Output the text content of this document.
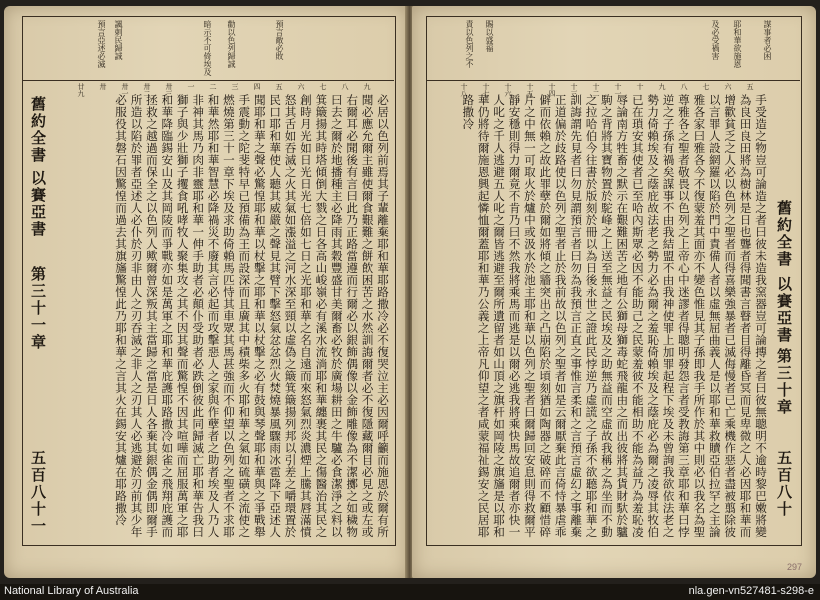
舊約全書
以賽亞書
第三十一章
五百八十一
諷刺民歸誠
預言亞述必滅	暗示不可倚埃及	勸以色列歸誠	預言敵必敗
廿九 卅 卅一 卅二 卅三 一 二 三 四 五 六 七 八 九
必居以色列前焉其子輩離棄耶和華耶路撒冷必不復哭泣主必因爾呼籲而施恩於爾有所聞必應允爾主雖使爾食艱難之餅飲困苦之水然訓誨爾者必不復隱藏爾目必見之或左或右爾耳必聞後有言曰此乃正路當遵而行爾必以銀飾偶像以金飾雕像為不潔擲之如穢物曰去之爾於地播種主必降雨其穀豐盛甘美爾畜必牧於廣場耕田之牛驢必食潔淨之料以箕簸揚其時塔傾倒大戮之日各高山峻嶺必有溪水流淌耶和華纏裹其民之傷醫治其民之創時月光如日光日光七倍如七日之光耶和華之名自遠而來怒氣烈炎濃煙上騰其唇滿憤怒其舌如吞滅之火其氣如漲溢之河水深至頸以虛偽之簸箕簸揚列邦以引差之嚼環置於民口耶和華使人聽其威嚴之聲見其臂下擊怒氣忿忿烈火焚燒暴風驟雨冰雹降下亞述人聞耶和華之聲必驚惶耶和華以杖擊之耶和華以杖擊之必有鼓與琴聲耶和華與之爭戰舉手震動之陀斐特早已預備為王而設深而且廣其中積柴多火耶和華之氣如硫磺之流使之燃燒第三十一章下埃及求助倚賴馬匹恃其車眾其馬甚強而不仰望以色列之聖者不求耶和華然耶和華智慧必降禍災不廢其言必起而攻擊惡人之家與作孽者之助者埃及人乃人非神其馬乃肉非靈耶和華一伸手助者必顛仆受助者必跌倒彼此同歸滅亡耶和華告我曰獅子與少壯獅子攫食吼哮牧人聚集攻之其不因其聲而驚惶不因其喧嘩而屈服萬軍之耶和華降臨錫安山及其岡陵而爭戰亦如是萬軍之耶和華庇護耶路撒冷如雀之飛翔庇護而拯救之越過而保全之以色列人歟爾曾深叛其主當歸之當是日人各棄其銀偶金偶即爾手所造以陷於罪者亞述人必仆於刃非由人之刃吞滅之非人之刃其人必逃避於刃前其少年必服役其磐石因驚惶而過去其旗旛驚惶此乃耶和華之言其火在錫安其爐在耶路撒冷	舊約全書
以賽亞書
第三十章
五百八十
謀事者必困
耶和華欲施恩
及必受禍害
賜以盛福
責以色列之不
十八 十七 十六 十五 十四 十三 十二 十一 十 九 八 七 六 五
手受造之物豈可論造之者曰彼未造我窯器豈可論摶之者曰彼無聰明不逾時黎巴嫩將變為良田良田將為樹林是日也聾者得聞書言瞽者目得離昏冥而見卑微之人必因耶和華而增歡貧乏之人必以色列之聖者而得喜樂強暴者已滅侮慢者已亡乘機作惡者盡被翦除彼以言罪人設網羅以陷於門中責備人者以虛無屈曲義人是以耶和華救贖亞伯拉罕之主論雅各家曰雅各今不復蒙羞其面亦不變色惟見其子孫即我手所作於其中則必以我名為聖尊雅各之聖者敬畏以色列之上帝心中迷謬者得聰明發怨言者受教誨第三章耶和華曰悖逆之子孫有禍矣謀事不由我結盟不由我神使罪上加罪起程下埃及未曾詢我欲依法老之勢力倚賴埃及之蔭庇故法老之勢力必為爾之羞恥倚賴埃及之蔭庇必為爾之凌辱其牧伯已在瑣安其使者已至哈內斯眾必因不能助己之民蒙羞彼不能相助不能為益乃為羞恥凌辱論南方牲畜之默示在艱難困苦之地有公獅母獅毒蛇飛龍由之而出彼將其貨財馱於驢駒之背將其寶物置於駝峰之上送至無益之民埃及之助無益而空虛故我稱之為坐而不動之拉哈伯今往書於版刻於冊以為日後永世之證此民悖逆乃虛謊之子孫不欲聽耶和華之訓誨謂先見者曰勿見謂預言者曰勿為我預言正直之事惟言柔和之言預言虛幻之事離棄正道偏於歧路使以色列之聖者止於我前故以色列之聖者如是云爾厭棄此言倚恃暴虐乖僻而依賴之故此罪孽於爾如將傾之牆突出之凸崩陷於頃刻猶如陶器之破碎而不顧惜碎片之中無一可取火於爐中或汲水於池主耶和華以色列之聖者曰爾歸回安息則得救爾平靜安穩則得力爾竟不肯乃曰不然我將乘馬而逃是以爾必逃我將乘快馬故追爾者亦快一人叱之千人逃避五人叱之爾皆逃避至爾所遺留者如山頂之旗杆如岡陵之旗旛是以耶和華仍將待爾施恩興起憐恤爾蓋耶和華乃公義之上帝凡仰望之者咸蒙福祉錫安之民居耶路撒冷
297
National Library of Australia	nla.gen-vn527481-s298-e
